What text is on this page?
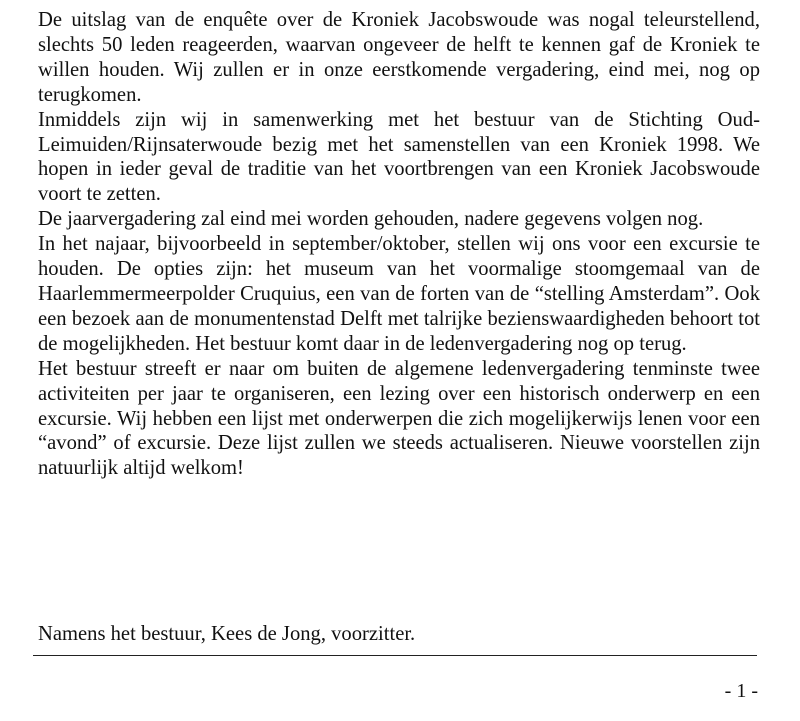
De uitslag van de enquête over de Kroniek Jacobswoude was nogal teleurstellend, slechts 50 leden reageerden, waarvan ongeveer de helft te kennen gaf de Kroniek te willen houden. Wij zullen er in onze eerstkomende vergadering, eind mei, nog op terugkomen.

Inmiddels zijn wij in samenwerking met het bestuur van de Stichting Oud-Leimuiden/Rijnsaterwoude bezig met het samenstellen van een Kroniek 1998. We hopen in ieder geval de traditie van het voortbrengen van een Kroniek Jacobswoude voort te zetten.

De jaarvergadering zal eind mei worden gehouden, nadere gegevens volgen nog.

In het najaar, bijvoorbeeld in september/oktober, stellen wij ons voor een excursie te houden. De opties zijn: het museum van het voormalige stoomgemaal van de Haarlemmermeerpolder Cruquius, een van de forten van de “stelling Amsterdam”. Ook een bezoek aan de monumentenstad Delft met talrijke bezienswaardigheden behoort tot de mogelijkheden. Het bestuur komt daar in de ledenvergadering nog op terug.

Het bestuur streeft er naar om buiten de algemene ledenvergadering tenminste twee activiteiten per jaar te organiseren, een lezing over een historisch onderwerp en een excursie. Wij hebben een lijst met onderwerpen die zich mogelijkerwijs lenen voor een “avond” of excursie. Deze lijst zullen we steeds actualiseren. Nieuwe voorstellen zijn natuurlijk altijd welkom!

Namens het bestuur, Kees de Jong, voorzitter.

- 1 -
